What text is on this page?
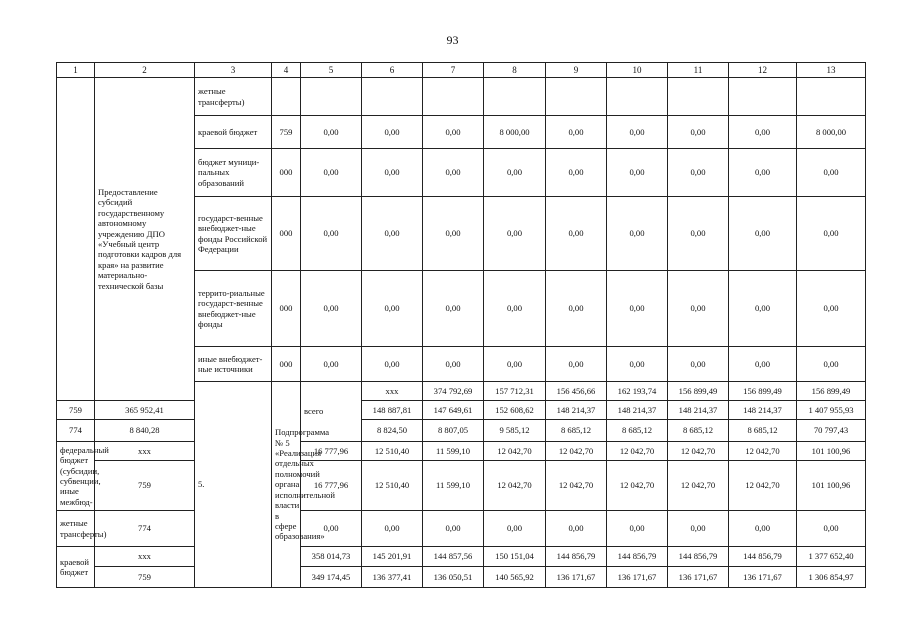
93
1	2	3	4	5	6	7	8	9	10	11	12	13	
	Предоставление субсидий государственному автономному учреждению ДПО «Учебный центр подготовки кадров для края» на развитие материально-технической базы	жетные трансферты)											
		краевой бюджет	759	0,00	0,00	0,00	8 000,00	0,00	0,00	0,00	0,00	8 000,00	
		бюджет муници-пальных образований	000	0,00	0,00	0,00	0,00	0,00	0,00	0,00	0,00	0,00	
		государст-венные внебюджет-ные фонды Российской Федерации	000	0,00	0,00	0,00	0,00	0,00	0,00	0,00	0,00	0,00	
		террито-риальные государст-венные внебюджет-ные фонды	000	0,00	0,00	0,00	0,00	0,00	0,00	0,00	0,00	0,00	
		иные внебюджет-ные источники	000	0,00	0,00	0,00	0,00	0,00	0,00	0,00	0,00	0,00	
		5.	Подпрограмма № 5 «Реализация отдельных полномочий органа исполнительной власти в сфере образования»	всего	xxx	374 792,69	157 712,31	156 456,66	162 193,74	156 899,49	156 899,49	156 899,49		
759	365 952,41				148 887,81	147 649,61	152 608,62	148 214,37	148 214,37	148 214,37	148 214,37	1 407 955,93	
774	8 840,28				8 824,50	8 807,05	9 585,12	8 685,12	8 685,12	8 685,12	8 685,12	70 797,43	
федеральный бюджет (субсидии, субвенции, иные межбюд-	xxx			16 777,96	12 510,40	11 599,10	12 042,70	12 042,70	12 042,70	12 042,70	12 042,70	101 100,96	
	759			16 777,96	12 510,40	11 599,10	12 042,70	12 042,70	12 042,70	12 042,70	12 042,70	101 100,96	
жетные трансферты)	774			0,00	0,00	0,00	0,00	0,00	0,00	0,00	0,00	0,00	
краевой бюджет	xxx			358 014,73	145 201,91	144 857,56	150 151,04	144 856,79	144 856,79	144 856,79	144 856,79	1 377 652,40	
	759			349 174,45	136 377,41	136 050,51	140 565,92	136 171,67	136 171,67	136 171,67	136 171,67	1 306 854,97	
